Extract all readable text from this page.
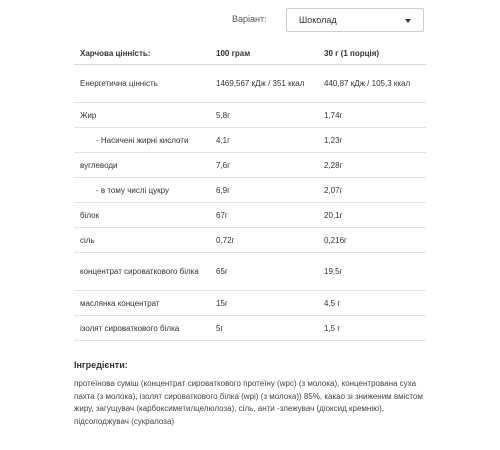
Варіант:	Шоколад
Харчова цінність:	100 грам	30 г (1 порція)
Енергетична цінність	1469,567 кДж / 351 ккал	440,87 кДж / 105,3 ккал
Жир	5,8г	1,74г
- Насичені жирні кислоти	4,1г	1,23г
вуглеводи	7,6г	2,28г
- в тому числі цукру	6,9г	2,07г
білок	67г	20,1г
сіль	0,72г	0,216г
концентрат сироваткового білка	65г	19,5г
маслянка концентрат	15г	4,5 г
ізолят сироваткового білка	5г	1,5 г
Інгредієнти:
протеїнова суміш (концентрат сироваткового протеїну (wpc) (з молока), концентрована суха пахта (з молока), ізолят сироваткового білка (wpi) (з молока)) 85%, какао зі зниженим вмістом жиру, загущувач (карбоксиметилцелюлоза), сіль, анти -злежувач (діоксид кремнію), підсолоджувач (сукралоза)
